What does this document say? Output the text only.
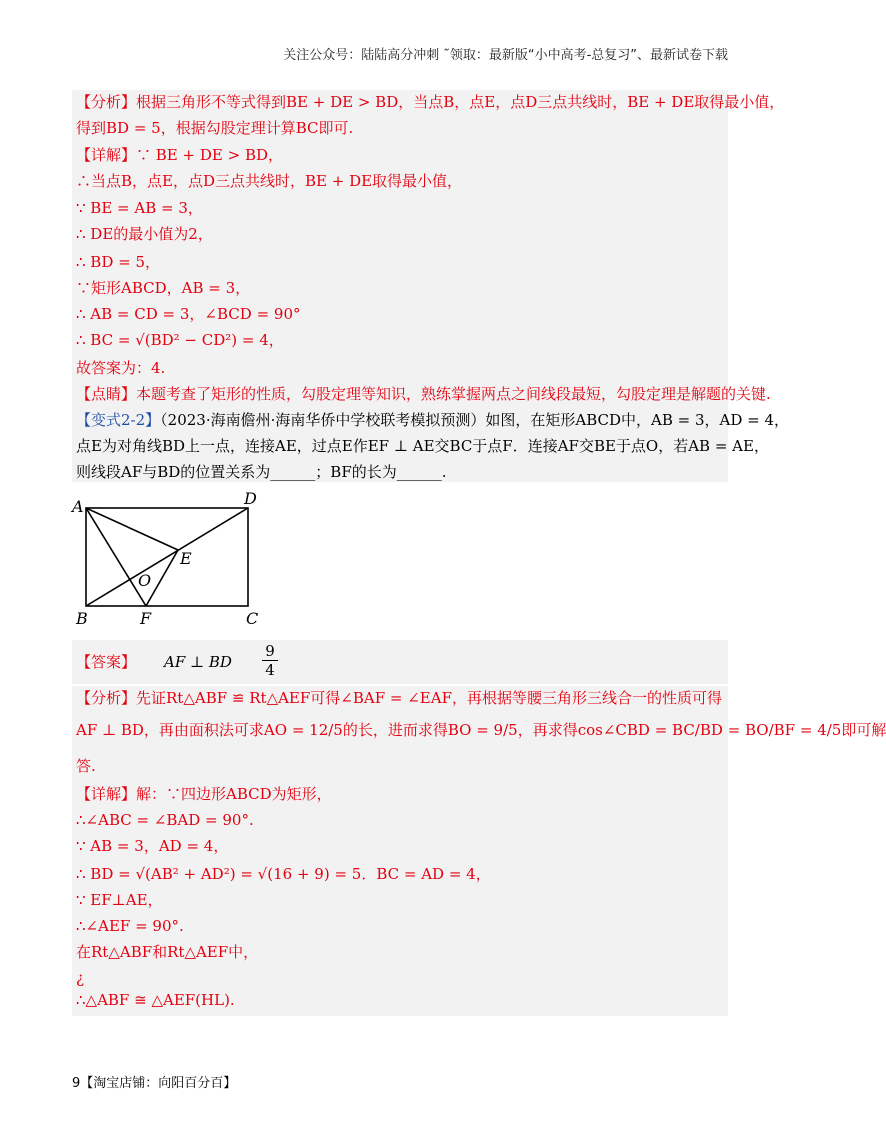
关注公众号：陆陆高分冲刺 ˜领取：最新版“小中高考-总复习”、最新试卷下载
【分析】根据三角形不等式得到BE + DE > BD，当点B，点E，点D三点共线时，BE + DE取得最小值，
得到BD = 5，根据勾股定理计算BC即可.
【详解】∵ BE + DE > BD，
∴当点B，点E，点D三点共线时，BE + DE取得最小值，
∵ BE = AB = 3，
∴ DE的最小值为2，
∴ BD = 5，
∵矩形ABCD，AB = 3，
∴ AB = CD = 3，∠BCD = 90°
∴ BC = √(BD² − CD²) = 4，
故答案为：4.
【点睛】本题考查了矩形的性质，勾股定理等知识，熟练掌握两点之间线段最短，勾股定理是解题的关键.
【变式2-2】（2023·海南儋州·海南华侨中学校联考模拟预测）如图，在矩形ABCD中，AB = 3，AD = 4，
点E为对角线BD上一点，连接AE，过点E作EF ⊥ AE交BC于点F．连接AF交BE于点O，若AB = AE，
则线段AF与BD的位置关系为______；BF的长为______.
A	D
B	F	C
E
O
【答案】 AF ⊥ BD $\frac{9}{4}$
【分析】先证Rt△ABF ≌ Rt△AEF可得∠BAF = ∠EAF，再根据等腰三角形三线合一的性质可得
AF ⊥ BD，再由面积法可求AO = 12/5的长，进而求得BO = 9/5，再求得cos∠CBD = BC/BD = BO/BF = 4/5即可解
答.
【详解】解：∵四边形ABCD为矩形，
∴∠ABC = ∠BAD = 90°.
∵ AB = 3，AD = 4，
∴ BD = √(AB² + AD²) = √(16 + 9) = 5．BC = AD = 4，
∵ EF⊥AE，
∴∠AEF = 90°.
在Rt△ABF和Rt△AEF中，
¿
∴△ABF ≅ △AEF(HL).
9【淘宝店铺：向阳百分百】
